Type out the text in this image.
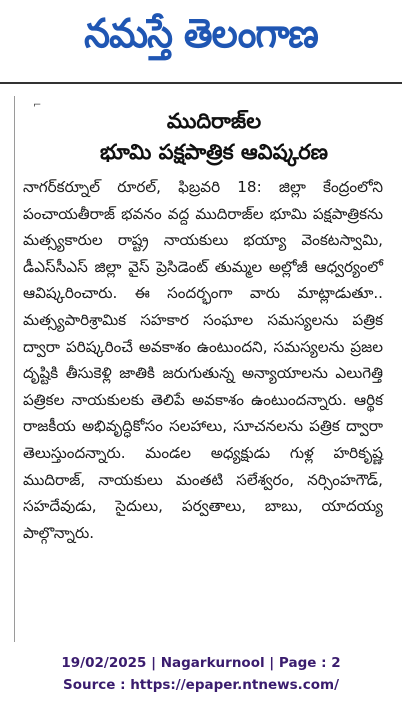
నమస్తే తెలంగాణ
⌐
ముదిరాజ్‌ల
భూమి పక్షపాత్రిక ఆవిష్కరణ

నాగర్‌కర్నూల్ రూరల్, ఫిబ్రవరి 18: జిల్లా కేంద్రంలోని పంచాయతీరాజ్ భవనం వద్ద ముదిరాజ్‌ల భూమి పక్షపాత్రికను మత్స్యకారుల రాష్ట్ర నాయకులు భయ్యా వెంకటస్వామి, డీఎస్‌సీఎస్ జిల్లా వైస్ ప్రెసిడెంట్ తుమ్మల అల్లోజీ ఆధ్వర్యంలో ఆవిష్కరించారు. ఈ సందర్భంగా వారు మాట్లాడుతూ.. మత్స్యపారిశ్రామిక సహకార సంఘాల సమస్యలను పత్రిక ద్వారా పరిష్కరించే అవకాశం ఉంటుందని, సమస్యలను ప్రజల దృష్టికి తీసుకెళ్లి జాతికి జరుగుతున్న అన్యాయాలను ఎలుగెత్తి పత్రికల నాయకులకు తెలిపే అవకాశం ఉంటుందన్నారు. ఆర్థిక రాజకీయ అభివృద్ధికోసం సలహాలు, సూచనలను పత్రిక ద్వారా తెలుస్తుందన్నారు. మండల అధ్యక్షుడు గుళ్ల హరికృష్ణ ముదిరాజ్, నాయకులు మంతటి సలేశ్వరం, నర్సింహగౌడ్, సహదేవుడు, సైదులు, పర్వతాలు, బాబు, యాదయ్య పాల్గొన్నారు.

19/02/2025 | Nagarkurnool | Page : 2
Source : https://epaper.ntnews.com/
